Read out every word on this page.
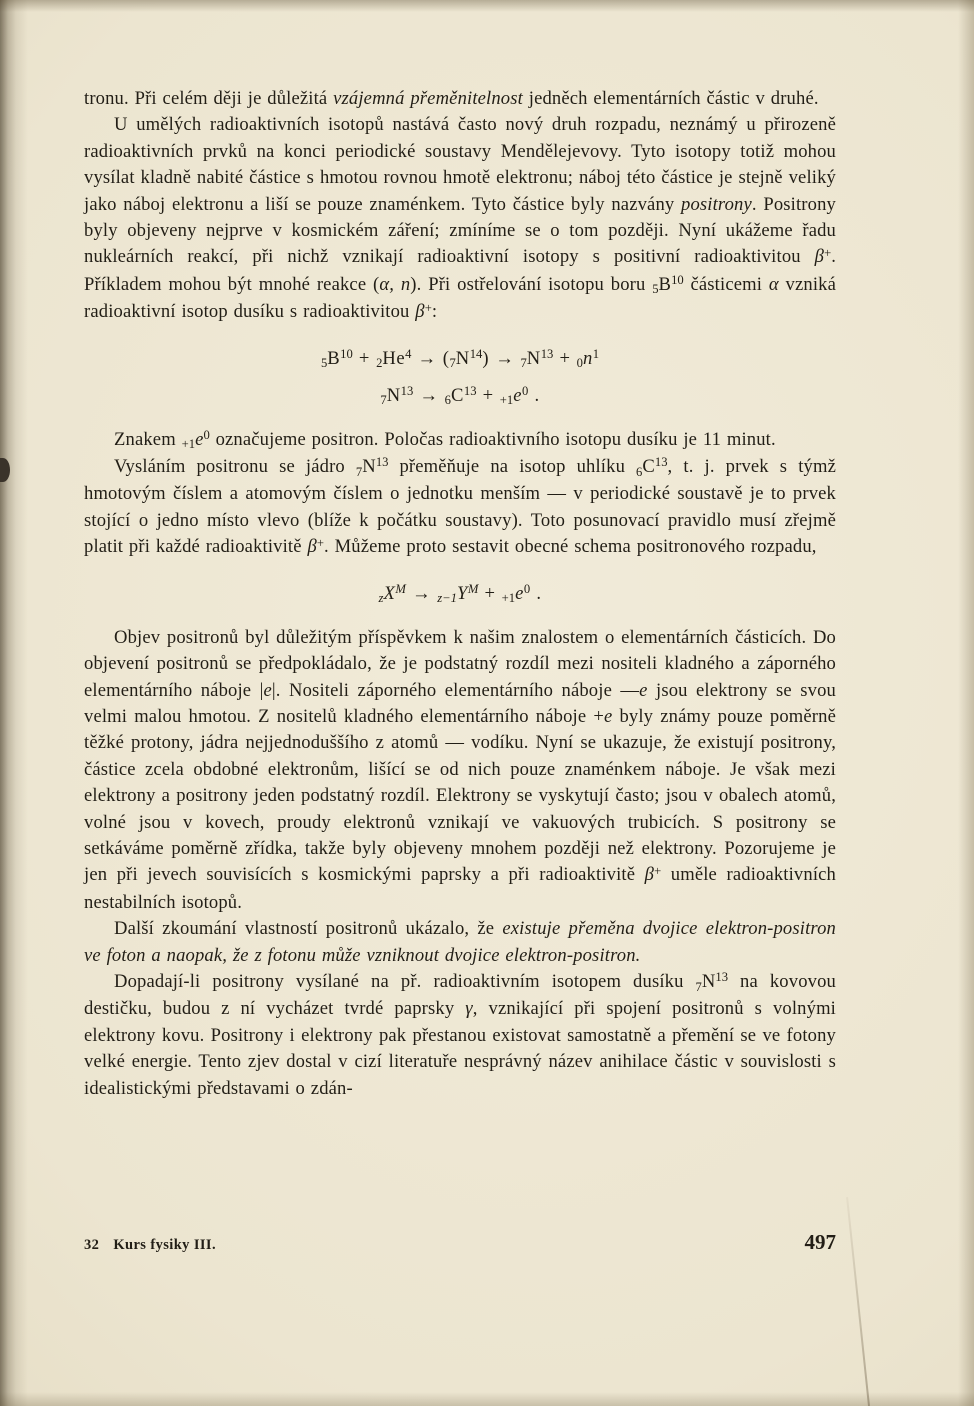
tronu. Při celém ději je důležitá vzájemná přeměnitelnost jedněch elementárních částic v druhé.

U umělých radioaktivních isotopů nastává často nový druh rozpadu, neznámý u přirozeně radioaktivních prvků na konci periodické soustavy Mendělejevovy. Tyto isotopy totiž mohou vysílat kladně nabité částice s hmotou rovnou hmotě elektronu; náboj této částice je stejně veliký jako náboj elektronu a liší se pouze znaménkem. Tyto částice byly nazvány positrony. Positrony byly objeveny nejprve v kosmickém záření; zmíníme se o tom později. Nyní ukážeme řadu nukleárních reakcí, při nichž vznikají radioaktivní isotopy s positivní radioaktivitou β+. Příkladem mohou být mnohé reakce (α, n). Při ostřelování isotopu boru $5B^{10}$ částicemi α vzniká radioaktivní isotop dusíku s radioaktivitou β+:

$5B^{10} + 2He^4 \to (7N^{14}) \to 7N^{13} + 0n^1$
$7N^{13} \to 6C^{13} + +1e^0$ .

Znakem $+1e^0$ označujeme positron. Poločas radioaktivního isotopu dusíku je 11 minut.

Vysláním positronu se jádro $7N^{13}$ přeměňuje na isotop uhlíku $6C^{13}$, t. j. prvek s týmž hmotovým číslem a atomovým číslem o jednotku menším — v periodické soustavě je to prvek stojící o jedno místo vlevo (blíže k počátku soustavy). Toto posunovací pravidlo musí zřejmě platit při každé radioaktivitě β+. Můžeme proto sestavit obecné schema positronového rozpadu,

$zX^M \to z-1Y^M + +1e^0$ .

Objev positronů byl důležitým příspěvkem k našim znalostem o elementárních částicích. Do objevení positronů se předpokládalo, že je podstatný rozdíl mezi nositeli kladného a záporného elementárního náboje |e|. Nositeli záporného elementárního náboje —e jsou elektrony se svou velmi malou hmotou. Z nositelů kladného elementárního náboje +e byly známy pouze poměrně těžké protony, jádra nejjednoduššího z atomů — vodíku. Nyní se ukazuje, že existují positrony, částice zcela obdobné elektronům, lišící se od nich pouze znaménkem náboje. Je však mezi elektrony a positrony jeden podstatný rozdíl. Elektrony se vyskytují často; jsou v obalech atomů, volné jsou v kovech, proudy elektronů vznikají ve vakuových trubicích. S positrony se setkáváme poměrně zřídka, takže byly objeveny mnohem později než elektrony. Pozorujeme je jen při jevech souvisících s kosmickými paprsky a při radioaktivitě β+ uměle radioaktivních nestabilních isotopů.

Další zkoumání vlastností positronů ukázalo, že existuje přeměna dvojice elektron-positron ve foton a naopak, že z fotonu může vzniknout dvojice elektron-positron.

Dopadají-li positrony vysílané na př. radioaktivním isotopem dusíku $7N^{13}$ na kovovou destičku, budou z ní vycházet tvrdé paprsky γ, vznikající při spojení positronů s volnými elektrony kovu. Positrony i elektrony pak přestanou existovat samostatně a přemění se ve fotony velké energie. Tento zjev dostal v cizí literatuře nesprávný název anihilace částic v souvislosti s idealistickými představami o zdán-

32 Kurs fysiky III.	497
